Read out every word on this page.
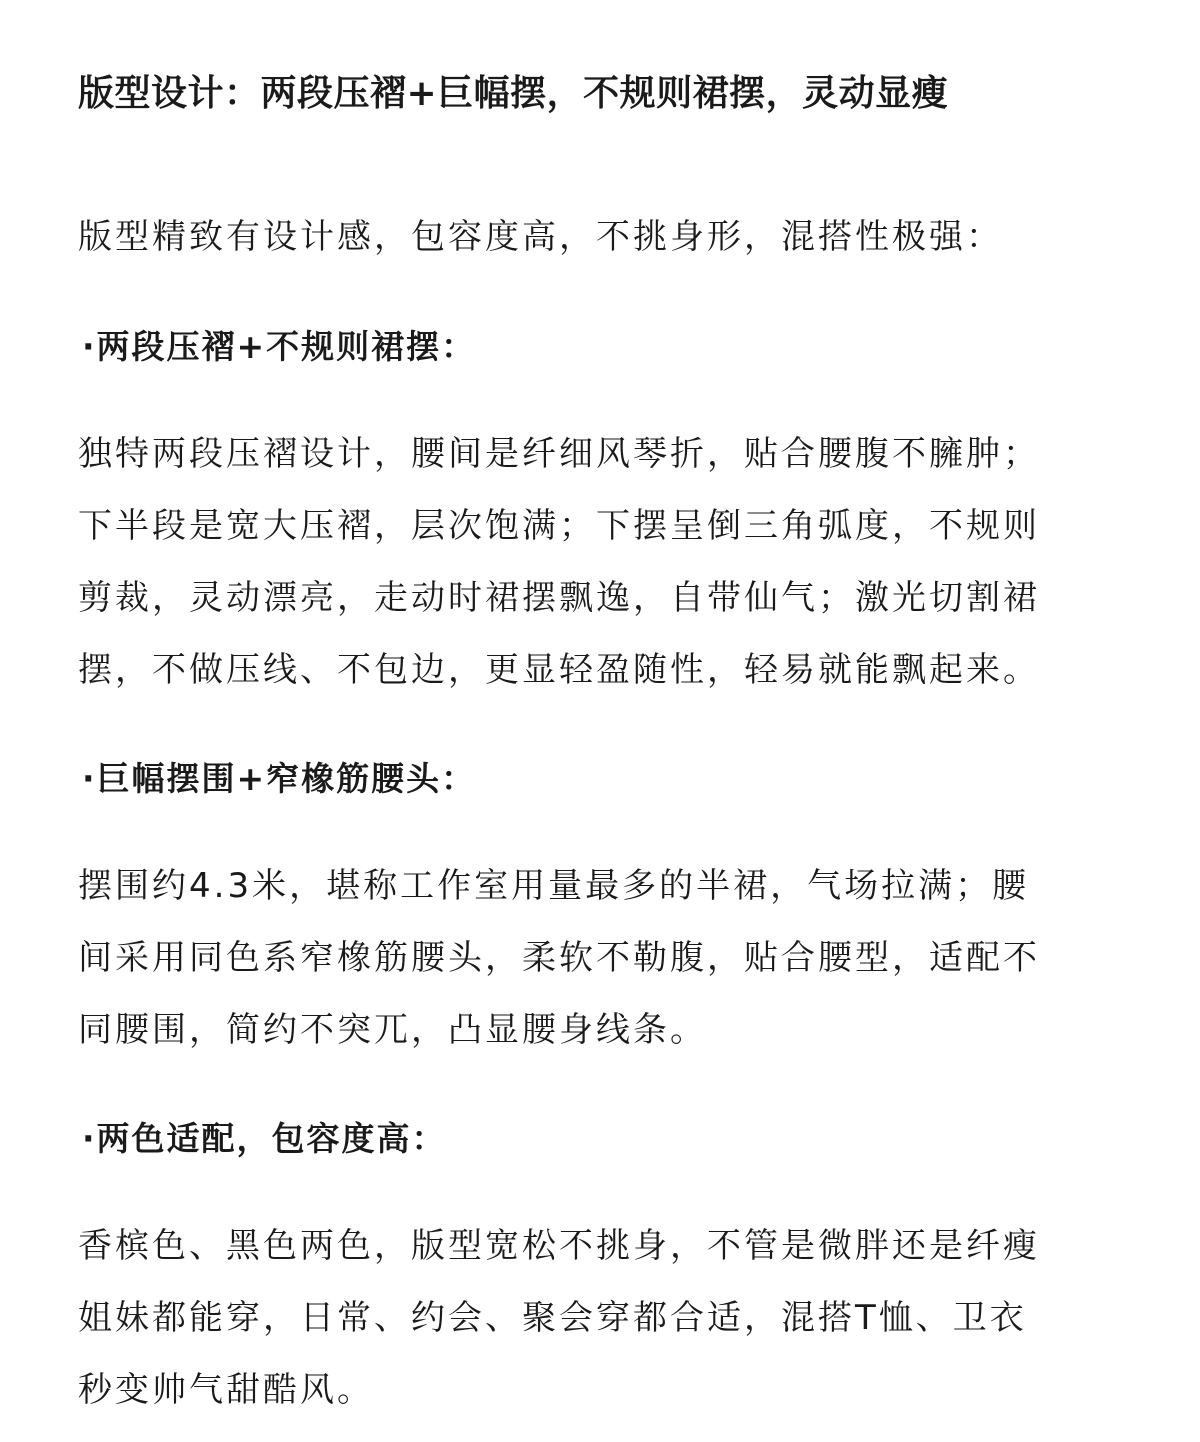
版型设计：两段压褶+巨幅摆，不规则裙摆，灵动显瘦

版型精致有设计感，包容度高，不挑身形，混搭性极强：

·两段压褶+不规则裙摆：

独特两段压褶设计，腰间是纤细风琴折，贴合腰腹不臃肿；
下半段是宽大压褶，层次饱满；下摆呈倒三角弧度，不规则
剪裁，灵动漂亮，走动时裙摆飘逸，自带仙气；激光切割裙
摆，不做压线、不包边，更显轻盈随性，轻易就能飘起来。

·巨幅摆围+窄橡筋腰头：

摆围约4.3米，堪称工作室用量最多的半裙，气场拉满；腰
间采用同色系窄橡筋腰头，柔软不勒腹，贴合腰型，适配不
同腰围，简约不突兀，凸显腰身线条。

·两色适配，包容度高：

香槟色、黑色两色，版型宽松不挑身，不管是微胖还是纤瘦
姐妹都能穿，日常、约会、聚会穿都合适，混搭T恤、卫衣
秒变帅气甜酷风。
